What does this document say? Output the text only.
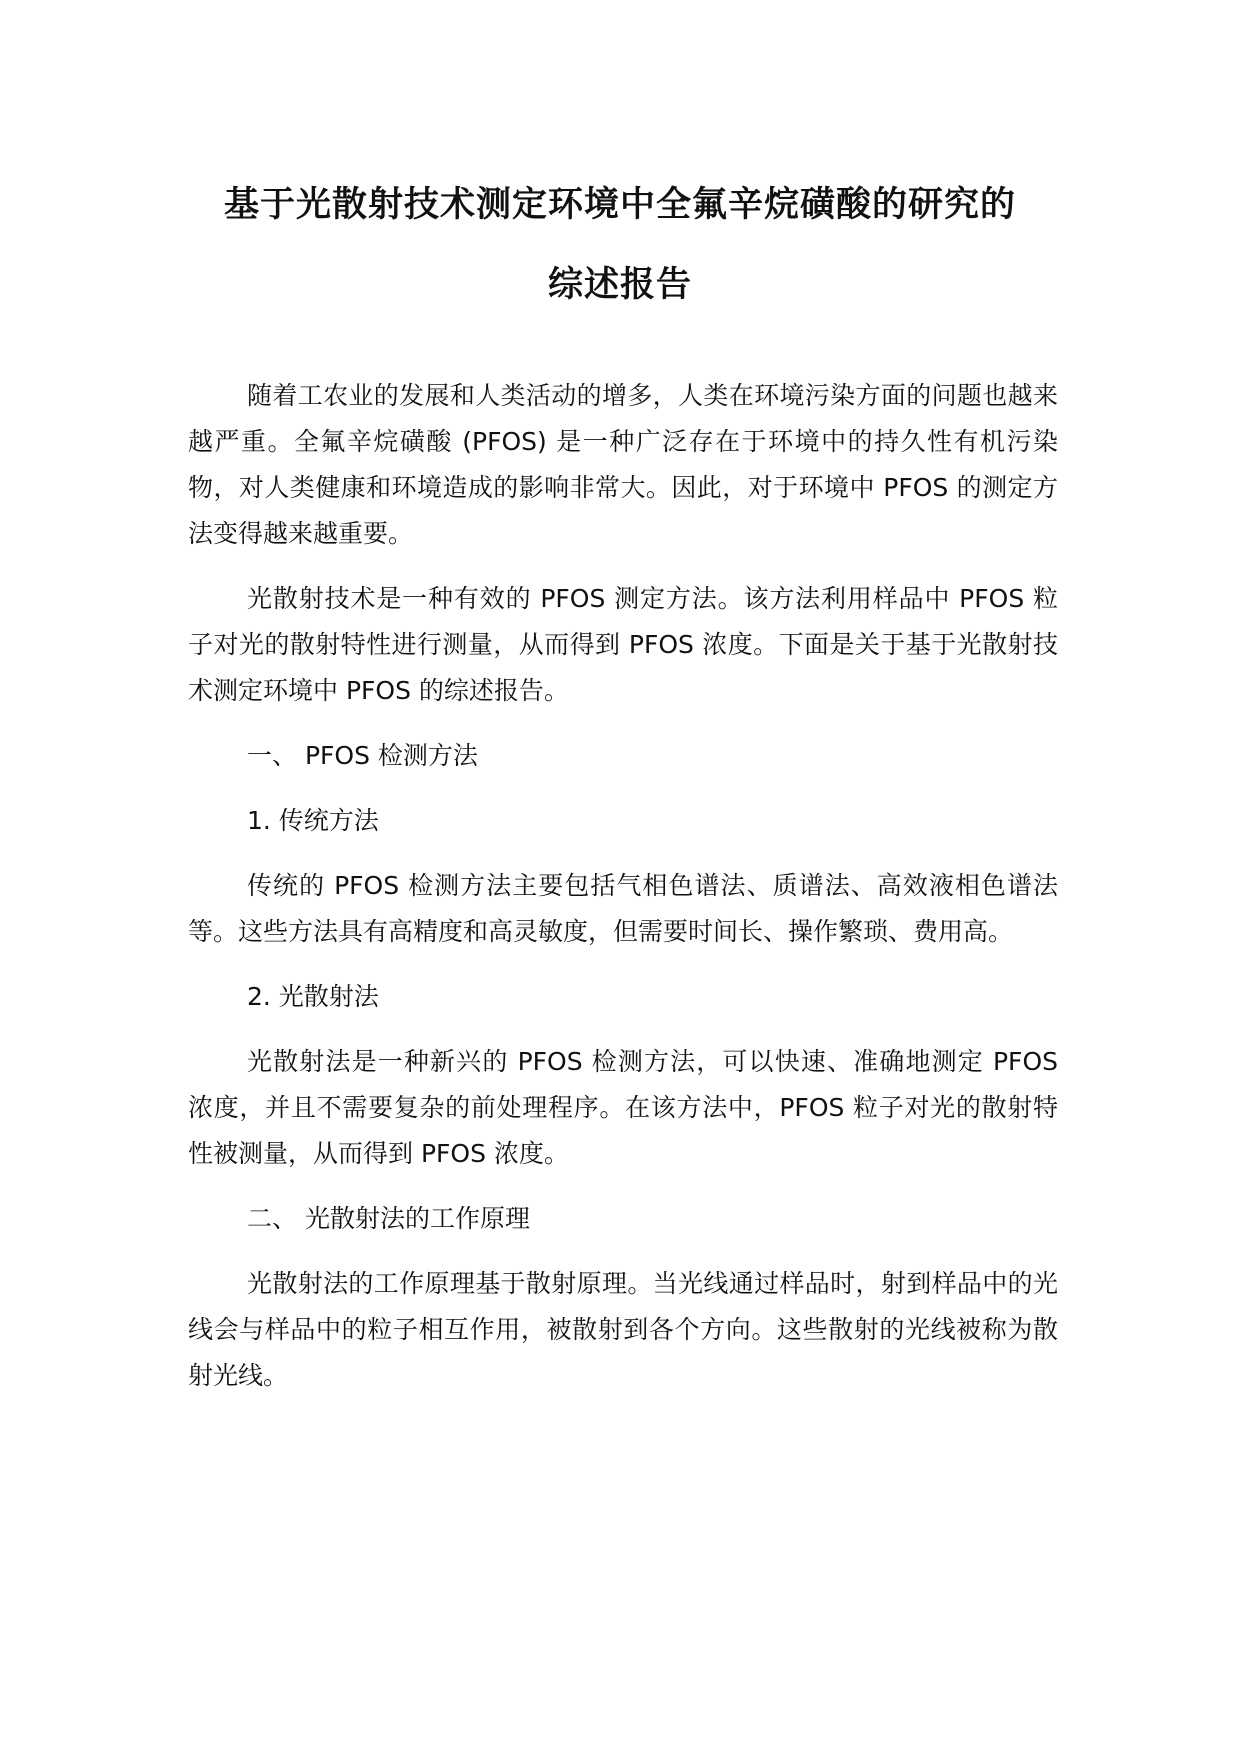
基于光散射技术测定环境中全氟辛烷磺酸的研究的
综述报告

随着工农业的发展和人类活动的增多，人类在环境污染方面的问题也越来越严重。全氟辛烷磺酸 (PFOS) 是一种广泛存在于环境中的持久性有机污染物，对人类健康和环境造成的影响非常大。因此，对于环境中 PFOS 的测定方法变得越来越重要。

光散射技术是一种有效的 PFOS 测定方法。该方法利用样品中 PFOS 粒子对光的散射特性进行测量，从而得到 PFOS 浓度。下面是关于基于光散射技术测定环境中 PFOS 的综述报告。

一、 PFOS 检测方法

1. 传统方法

传统的 PFOS 检测方法主要包括气相色谱法、质谱法、高效液相色谱法等。这些方法具有高精度和高灵敏度，但需要时间长、操作繁琐、费用高。

2. 光散射法

光散射法是一种新兴的 PFOS 检测方法，可以快速、准确地测定 PFOS 浓度，并且不需要复杂的前处理程序。在该方法中，PFOS 粒子对光的散射特性被测量，从而得到 PFOS 浓度。

二、 光散射法的工作原理

光散射法的工作原理基于散射原理。当光线通过样品时，射到样品中的光线会与样品中的粒子相互作用，被散射到各个方向。这些散射的光线被称为散射光线。
